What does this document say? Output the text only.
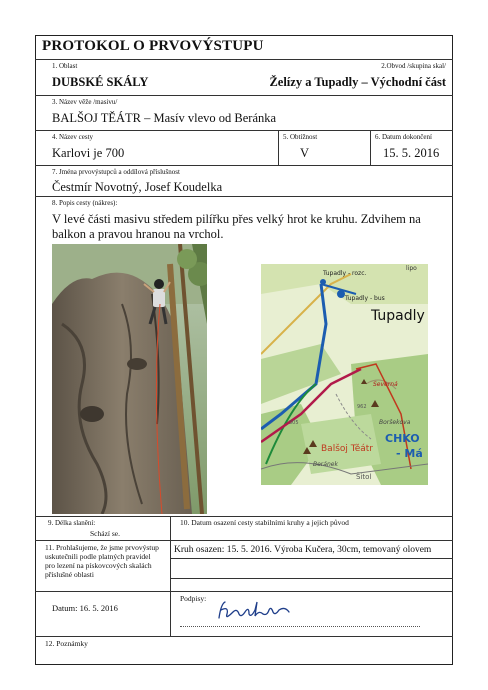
PROTOKOL O PRVOVÝSTUPU
1. Oblast
DUBSKÉ SKÁLY
2.Obvod /skupina skal/
Želízy a Tupadly – Východní část
3. Název věže /masivu/
BALŠOJ TĚÁTR – Masív vlevo od Beránka
4. Název cesty
Karlovi je 700
5. Obtížnost
V
6. Datum dokončení
15. 5. 2016
7. Jména prvovýstupců a oddílová příslušnost
Čestmír Novotný, Josef Koudelka
8. Popis cesty (nákres):
V levé části masivu středem pilířku přes velký hrot ke kruhu. Zdvihem na balkon a pravou hranou na vrchol.
Tupadly - rozc.
Tupadly - bus
lipo
Tupadly
Severná
Boršekova
Balšoj Těátr
CHKO
- Má
Beránek
Šitol
962
305
9. Délka slanění:
Schází se.
10. Datum osazení cesty stabilními kruhy a jejich původ
Kruh osazen: 15. 5. 2016. Výroba Kučera, 30cm, temovaný olovem
11. Prohlašujeme, že jsme prvovýstup uskutečnili podle platných pravidel pro lezení na pískovcových skalách příslušné oblasti
Datum: 16. 5. 2016
Podpisy:
12. Poznámky
